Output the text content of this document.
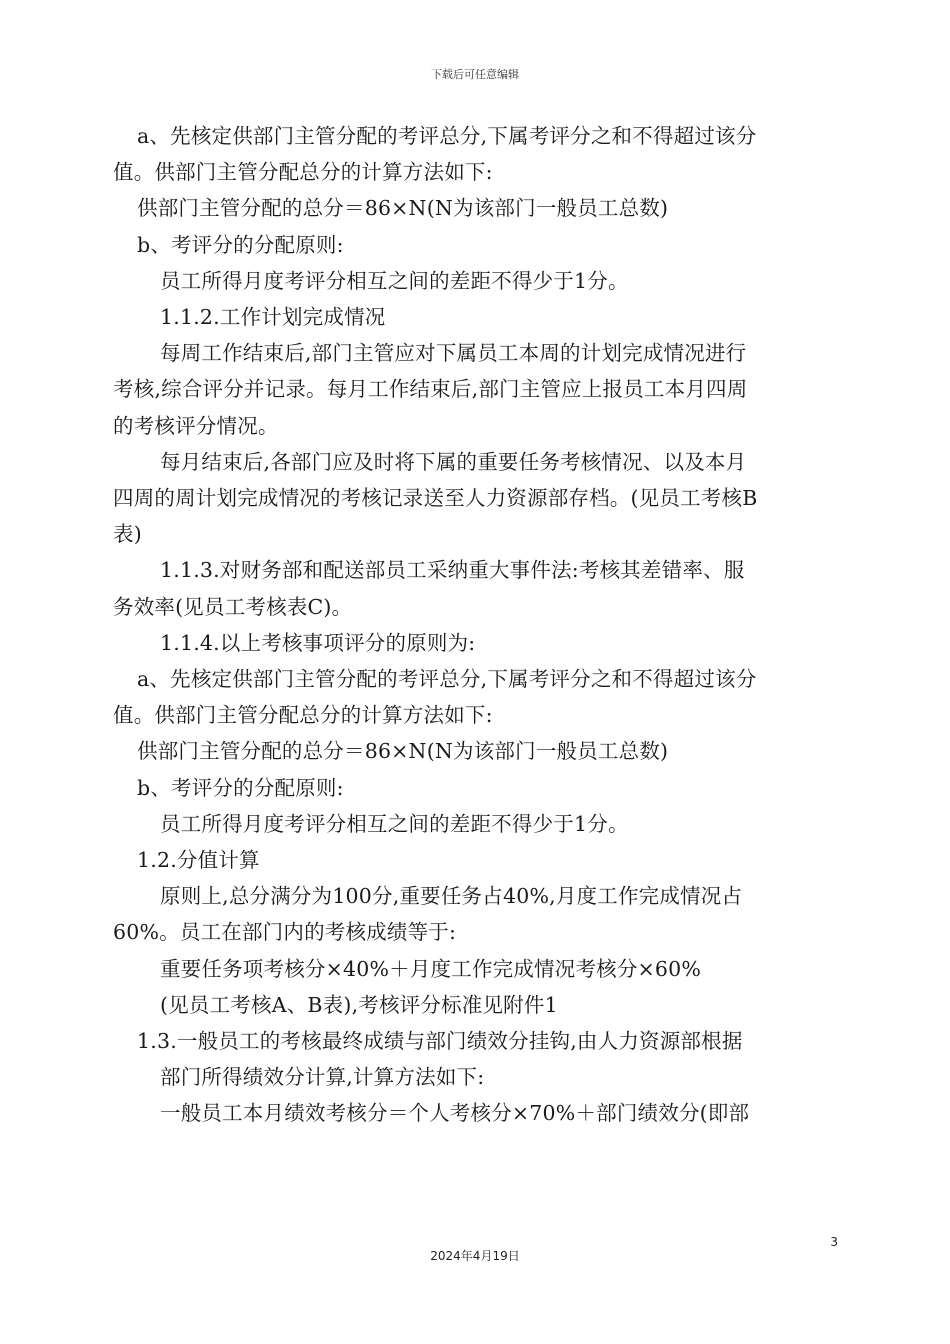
下载后可任意编辑
a、先核定供部门主管分配的考评总分,下属考评分之和不得超过该分
值。供部门主管分配总分的计算方法如下:
供部门主管分配的总分＝86×N(N为该部门一般员工总数)
b、考评分的分配原则:
员工所得月度考评分相互之间的差距不得少于1分。
1.1.2.工作计划完成情况
每周工作结束后,部门主管应对下属员工本周的计划完成情况进行
考核,综合评分并记录。每月工作结束后,部门主管应上报员工本月四周
的考核评分情况。
每月结束后,各部门应及时将下属的重要任务考核情况、以及本月
四周的周计划完成情况的考核记录送至人力资源部存档。(见员工考核B
表)
1.1.3.对财务部和配送部员工采纳重大事件法:考核其差错率、服
务效率(见员工考核表C)。
1.1.4.以上考核事项评分的原则为:
a、先核定供部门主管分配的考评总分,下属考评分之和不得超过该分
值。供部门主管分配总分的计算方法如下:
供部门主管分配的总分＝86×N(N为该部门一般员工总数)
b、考评分的分配原则:
员工所得月度考评分相互之间的差距不得少于1分。
1.2.分值计算
原则上,总分满分为100分,重要任务占40%,月度工作完成情况占
60%。员工在部门内的考核成绩等于:
重要任务项考核分×40%＋月度工作完成情况考核分×60%
(见员工考核A、B表),考核评分标准见附件1
1.3.一般员工的考核最终成绩与部门绩效分挂钩,由人力资源部根据
部门所得绩效分计算,计算方法如下:
一般员工本月绩效考核分＝个人考核分×70%＋部门绩效分(即部
3
2024年4月19日
